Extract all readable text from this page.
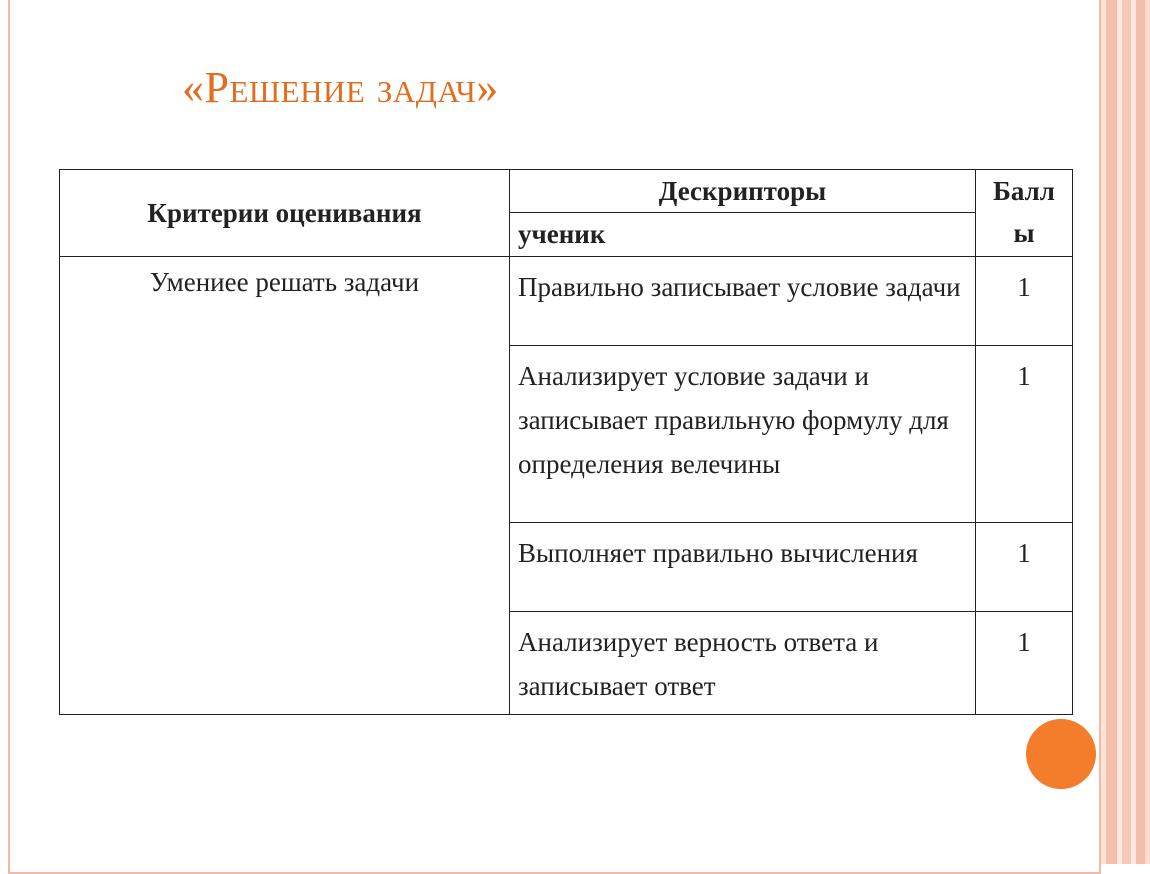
«Решение задач»
Критерии оценивания	Дескрипторы	Балл
ы
	ученик	
Умениее решать задачи	Правильно записывает условие задачи	1
	Анализирует условие задачи и записывает правильную формулу для определения велечины	1
	Выполняет правильно вычисления	1
	Анализирует верность ответа и записывает ответ	1
